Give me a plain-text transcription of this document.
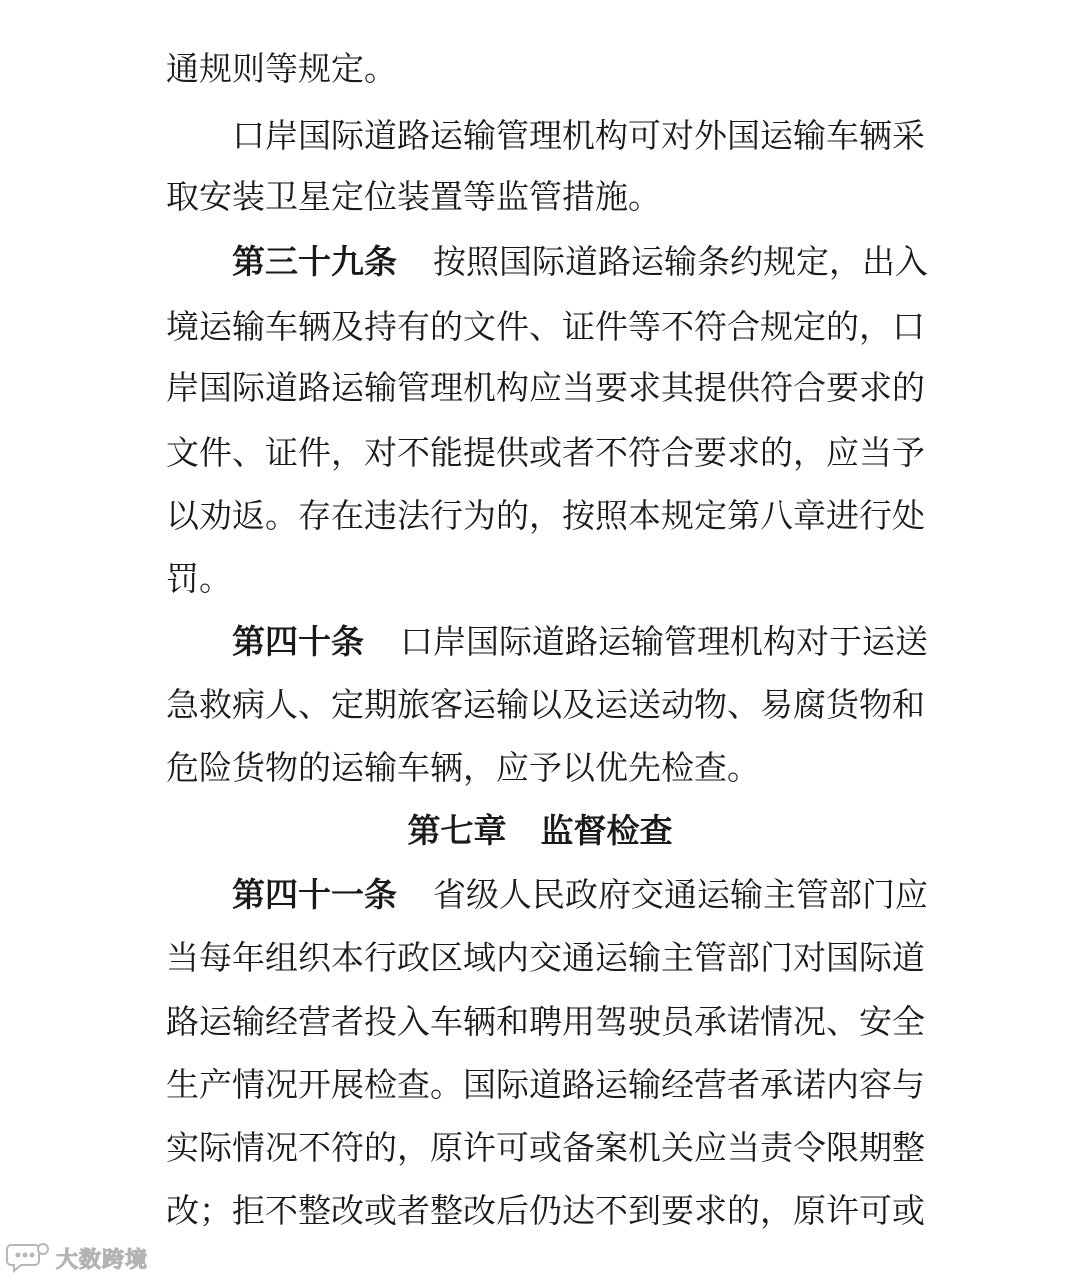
通规则等规定。
口岸国际道路运输管理机构可对外国运输车辆采
取安装卫星定位装置等监管措施。
第三十九条 按照国际道路运输条约规定，出入
境运输车辆及持有的文件、证件等不符合规定的，口
岸国际道路运输管理机构应当要求其提供符合要求的
文件、证件，对不能提供或者不符合要求的，应当予
以劝返。存在违法行为的，按照本规定第八章进行处
罚。
第四十条 口岸国际道路运输管理机构对于运送
急救病人、定期旅客运输以及运送动物、易腐货物和
危险货物的运输车辆，应予以优先检查。
第七章 监督检查
第四十一条 省级人民政府交通运输主管部门应
当每年组织本行政区域内交通运输主管部门对国际道
路运输经营者投入车辆和聘用驾驶员承诺情况、安全
生产情况开展检查。国际道路运输经营者承诺内容与
实际情况不符的，原许可或备案机关应当责令限期整
改；拒不整改或者整改后仍达不到要求的，原许可或
大数跨境
